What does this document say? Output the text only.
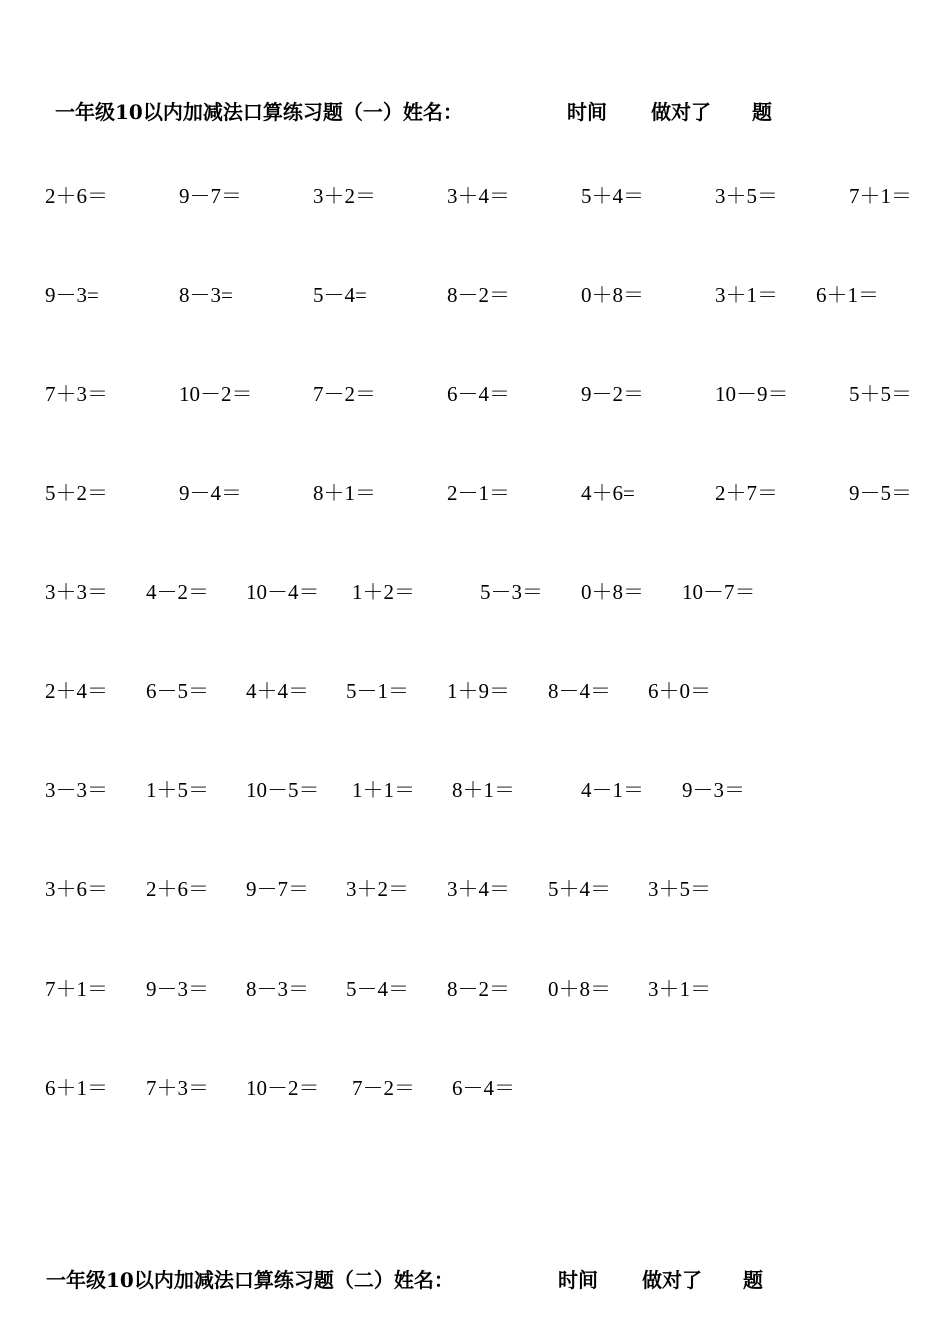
一年级10以内加减法口算练习题（一）姓名：	时间 做对了 题
2＋6＝	9－7＝	3＋2＝	3＋4＝	5＋4＝	3＋5＝	7＋1＝
9－3=	8－3=	5－4=	8－2＝	0＋8＝	3＋1＝ 6＋1＝
7＋3＝	10－2＝	7－2＝	6－4＝	9－2＝	10－9＝	5＋5＝
5＋2＝	9－4＝	8＋1＝	2－1＝	4＋6=	2＋7＝	9－5＝
3＋3＝ 4－2＝ 10－4＝ 1＋2＝	5－3＝ 0＋8＝ 10－7＝
2＋4＝ 6－5＝ 4＋4＝ 5－1＝ 1＋9＝ 8－4＝ 6＋0＝
3－3＝ 1＋5＝ 10－5＝ 1＋1＝ 8＋1＝	4－1＝ 9－3＝
3＋6＝ 2＋6＝ 9－7＝ 3＋2＝ 3＋4＝ 5＋4＝ 3＋5＝
7＋1＝ 9－3＝ 8－3＝ 5－4＝ 8－2＝ 0＋8＝ 3＋1＝
6＋1＝ 7＋3＝ 10－2＝ 7－2＝ 6－4＝
一年级10以内加减法口算练习题（二）姓名：	时间 做对了 题
